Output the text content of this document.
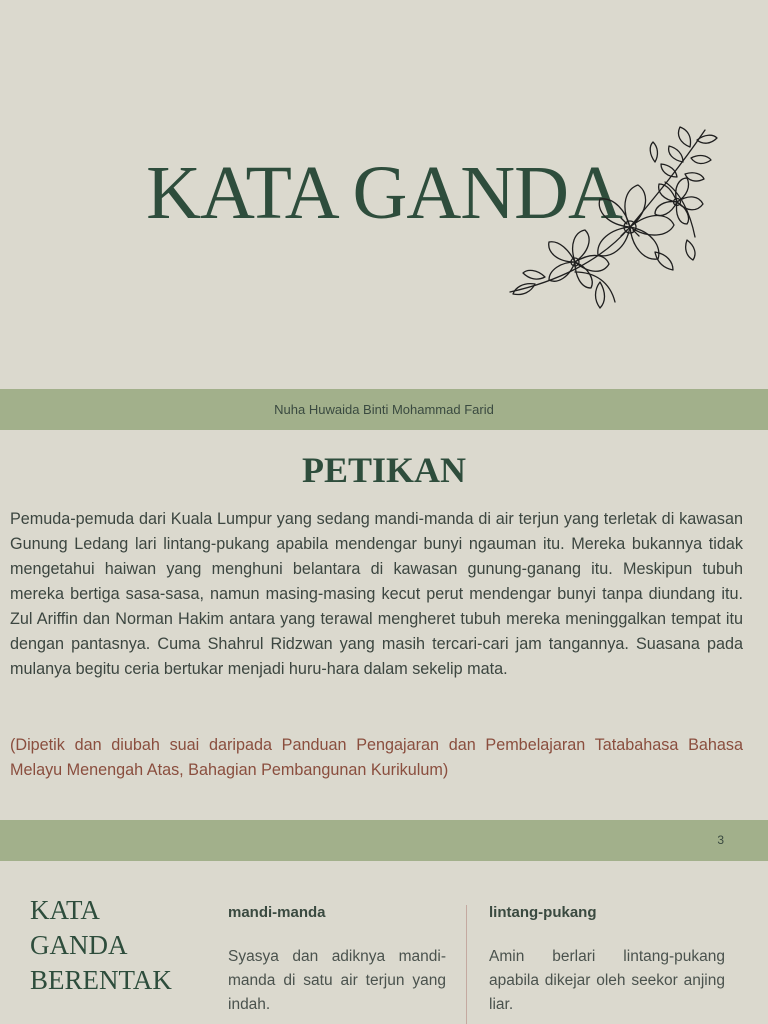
KATA GANDA
Nuha Huwaida Binti Mohammad Farid
PETIKAN

Pemuda-pemuda dari Kuala Lumpur yang sedang mandi-manda di air terjun yang terletak di kawasan Gunung Ledang lari lintang-pukang apabila mendengar bunyi ngauman itu. Mereka bukannya tidak mengetahui haiwan yang menghuni belantara di kawasan gunung-ganang itu. Meskipun tubuh mereka bertiga sasa-sasa, namun masing-masing kecut perut mendengar bunyi tanpa diundang itu. Zul Ariffin dan Norman Hakim antara yang terawal mengheret tubuh mereka meninggalkan tempat itu dengan pantasnya. Cuma Shahrul Ridzwan yang masih tercari-cari jam tangannya. Suasana pada mulanya begitu ceria bertukar menjadi huru-hara dalam sekelip mata.

(Dipetik dan diubah suai daripada Panduan Pengajaran dan Pembelajaran Tatabahasa Bahasa Melayu Menengah Atas, Bahagian Pembangunan Kurikulum)

3
KATA
GANDA
BERENTAK
mandi-manda

Syasya dan adiknya mandi-manda di satu air terjun yang indah.

lintang-pukang

Amin berlari lintang-pukang apabila dikejar oleh seekor anjing liar.
